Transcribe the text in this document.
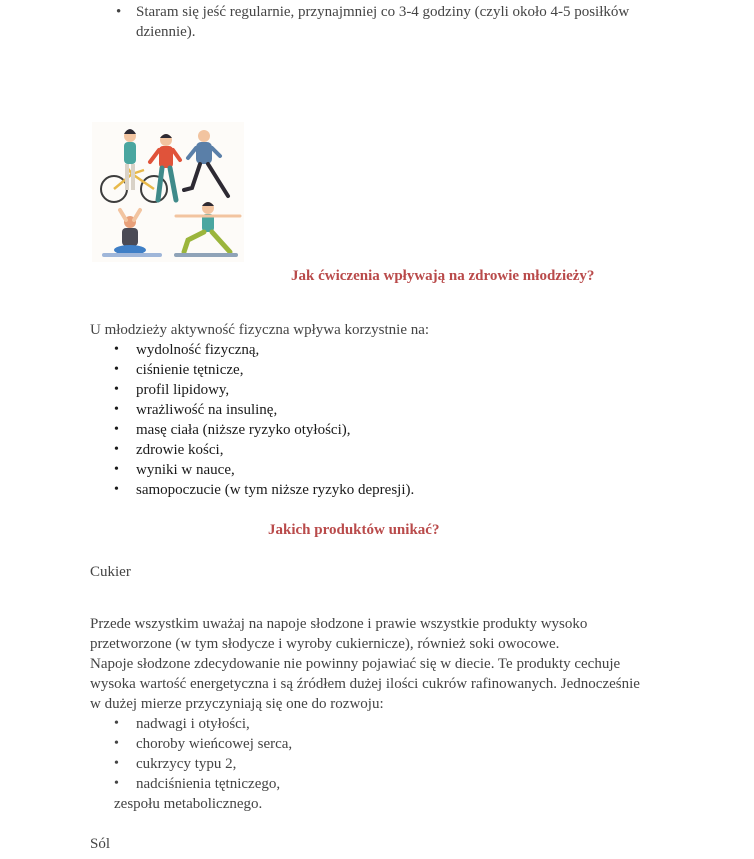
• Staram się jeść regularnie, przynajmniej co 3-4 godziny (czyli około 4-5 posiłków dziennie).
Jak ćwiczenia wpływają na zdrowie młodzieży?
U młodzieży aktywność fizyczna wpływa korzystnie na:
• wydolność fizyczną,
• ciśnienie tętnicze,
• profil lipidowy,
• wrażliwość na insulinę,
• masę ciała (niższe ryzyko otyłości),
• zdrowie kości,
• wyniki w nauce,
• samopoczucie (w tym niższe ryzyko depresji).
Jakich produktów unikać?
Cukier
Przede wszystkim uważaj na napoje słodzone i prawie wszystkie produkty wysoko
przetworzone (w tym słodycze i wyroby cukiernicze), również soki owocowe.
Napoje słodzone zdecydowanie nie powinny pojawiać się w diecie. Te produkty cechuje
wysoka wartość energetyczna i są źródłem dużej ilości cukrów rafinowanych. Jednocześnie
w dużej mierze przyczyniają się one do rozwoju:
• nadwagi i otyłości,
• choroby wieńcowej serca,
• cukrzycy typu 2,
• nadciśnienia tętniczego,
zespołu metabolicznego.
Sól
